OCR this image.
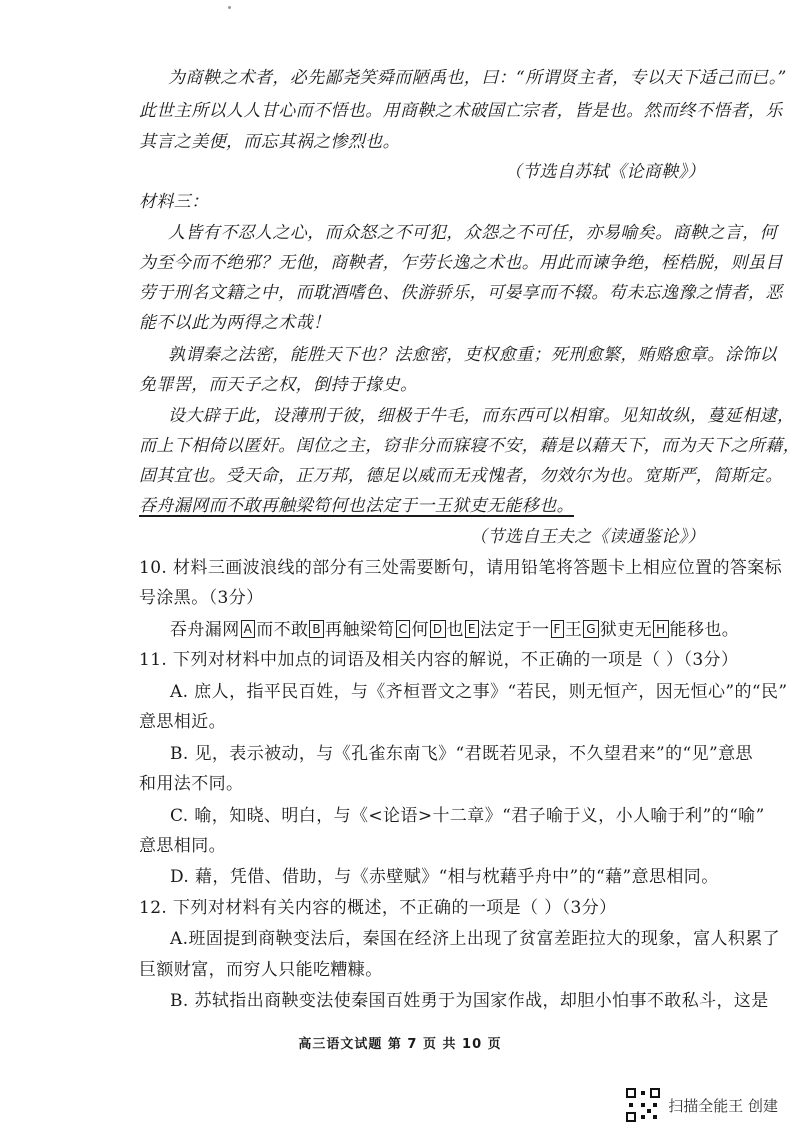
为商鞅之术者，必先鄙尧笑舜而陋禹也，曰：“所谓贤主者，专以天下适己而已。”
此世主所以人人甘心而不悟也。用商鞅之术破国亡宗者，皆是也。然而终不悟者，乐
其言之美便，而忘其祸之惨烈也。
（节选自苏轼《论商鞅》）
材料三：
人皆有不忍人之心，而众怒之不可犯，众怨之不可任，亦易喻矣。商鞅之言，何
为至今而不绝邪？无他，商鞅者，乍劳长逸之术也。用此而谏争绝，桎梏脱，则虽目
劳于刑名文籍之中，而耽酒嗜色、佚游骄乐，可晏享而不辍。苟未忘逸豫之情者，恶
能不以此为两得之术哉！
孰谓秦之法密，能胜天下也？法愈密，吏权愈重；死刑愈繁，贿赂愈章。涂饰以
免罪罟，而天子之权，倒持于掾史。
设大辟于此，设薄刑于彼，细极于牛毛，而东西可以相窜。见知故纵，蔓延相逮，
而上下相倚以匿奸。闺位之主，窃非分而寐寝不安，藉是以藉天下，而为天下之所藉，
固其宜也。受天命，正万邦，德足以威而无戎愧者，勿效尔为也。宽斯严，简斯定。
吞舟漏网而不敢再触梁笱何也法定于一王狱吏无能移也。
（节选自王夫之《读通鉴论》）
10. 材料三画波浪线的部分有三处需要断句，请用铅笔将答题卡上相应位置的答案标
号涂黑。（3分）
吞舟漏网 A 而不敢 B 再触梁笱 C 何 D 也 E 法定于一 F 王 G 狱吏无 H 能移也。
11. 下列对材料中加点的词语及相关内容的解说，不正确的一项是（ ）（3分）
A. 庶人，指平民百姓，与《齐桓晋文之事》“若民，则无恒产，因无恒心”的“民”
意思相近。
B. 见，表示被动，与《孔雀东南飞》“君既若见录，不久望君来”的“见”意思
和用法不同。
C. 喻，知晓、明白，与《<论语>十二章》“君子喻于义，小人喻于利”的“喻”
意思相同。
D. 藉，凭借、借助，与《赤壁赋》“相与枕藉乎舟中”的“藉”意思相同。
12. 下列对材料有关内容的概述，不正确的一项是（ ）（3分）
A.班固提到商鞅变法后，秦国在经济上出现了贫富差距拉大的现象，富人积累了
巨额财富，而穷人只能吃糟糠。
B. 苏轼指出商鞅变法使秦国百姓勇于为国家作战，却胆小怕事不敢私斗，这是
高三语文试题 第 7 页 共 10 页
扫描全能王 创建
